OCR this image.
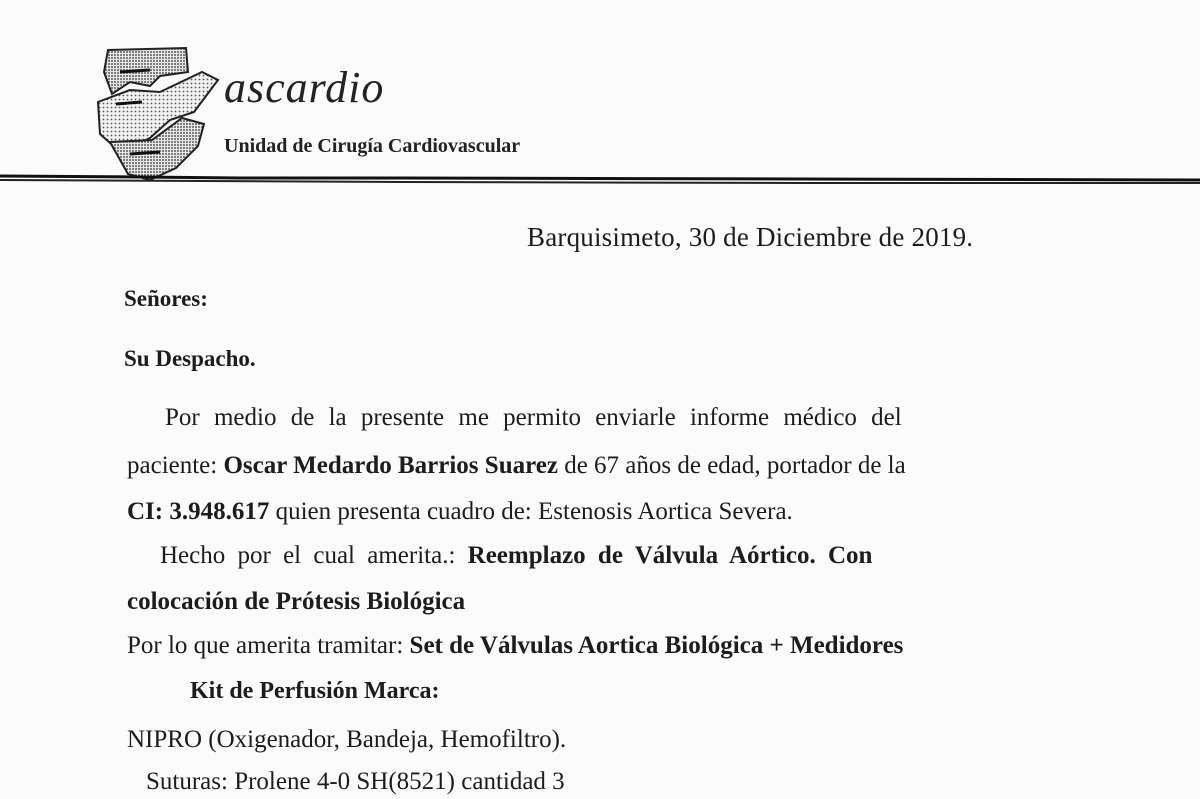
ascardio
Unidad de Cirugía Cardiovascular
Barquisimeto, 30 de Diciembre de 2019.
Señores:
Su Despacho.
Por medio de la presente me permito enviarle informe médico del
paciente: Oscar Medardo Barrios Suarez de 67 años de edad, portador de la
CI: 3.948.617 quien presenta cuadro de: Estenosis Aortica Severa.
Hecho por el cual amerita.: Reemplazo de Válvula Aórtico. Con
colocación de Prótesis Biológica
Por lo que amerita tramitar: Set de Válvulas Aortica Biológica + Medidores
Kit de Perfusión Marca:
NIPRO (Oxigenador, Bandeja, Hemofiltro).
Suturas: Prolene 4-0 SH(8521) cantidad 3
